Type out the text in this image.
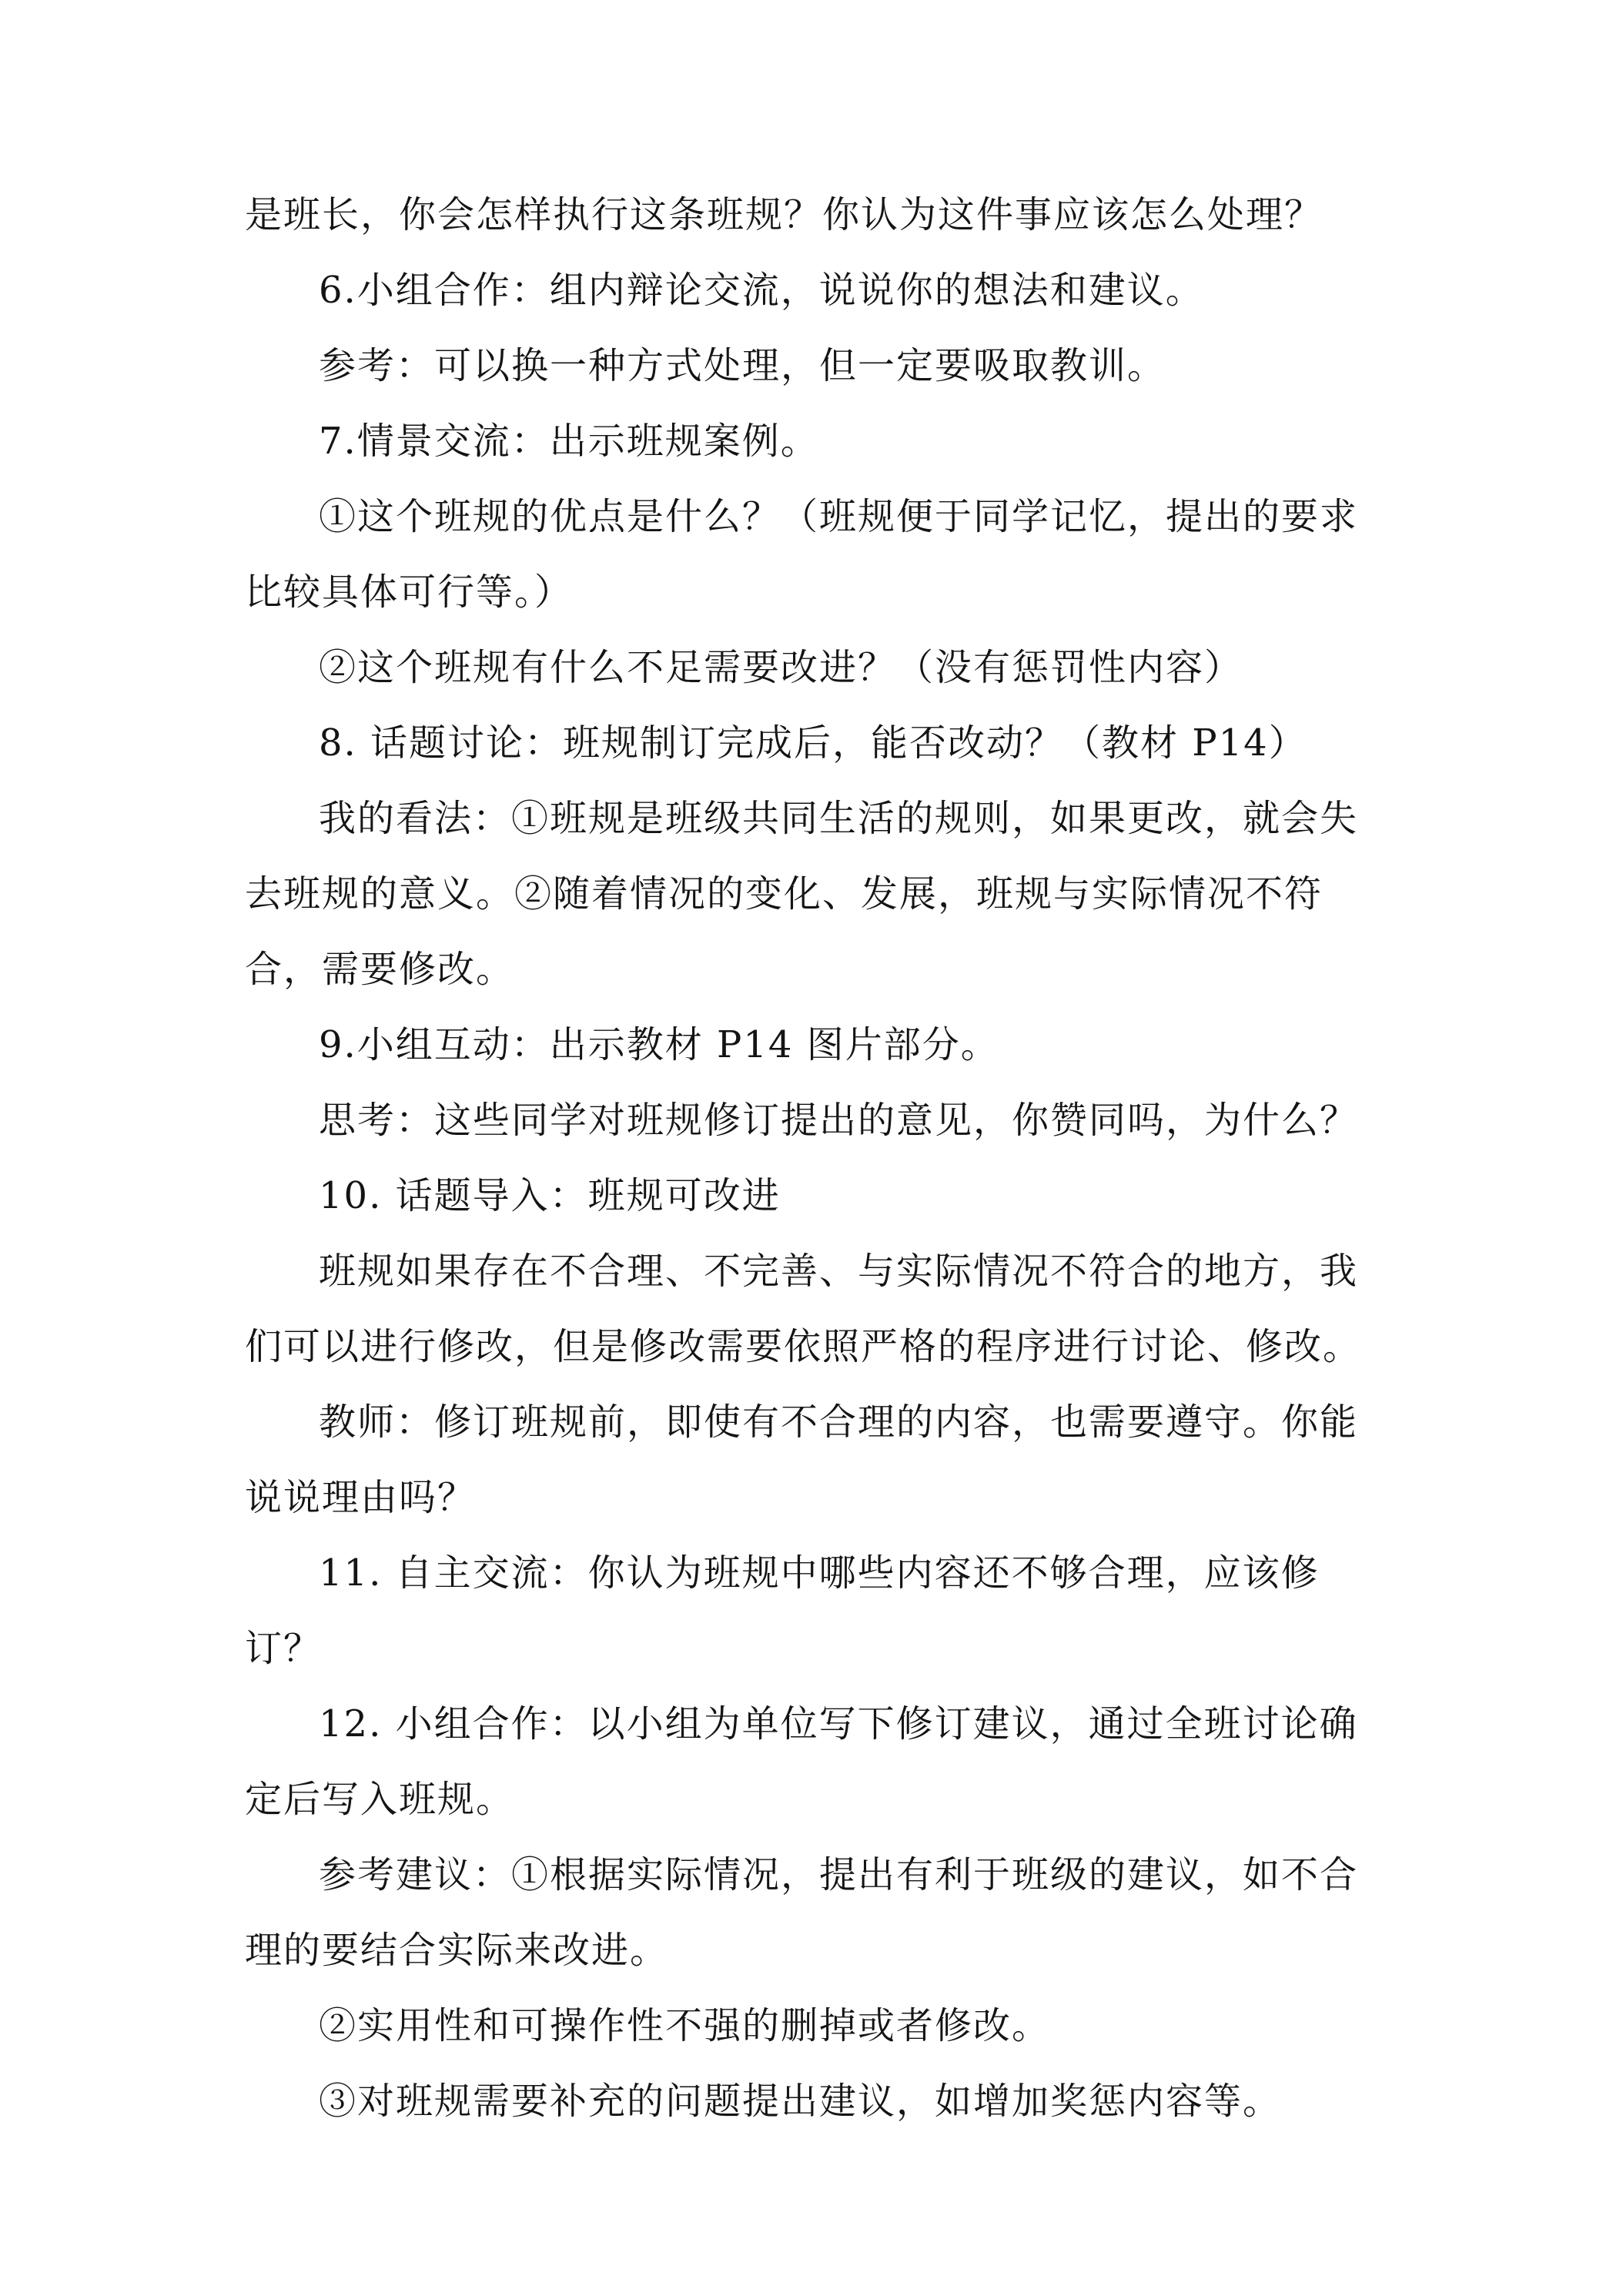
是班长，你会怎样执行这条班规？你认为这件事应该怎么处理？

6.小组合作：组内辩论交流，说说你的想法和建议。

参考：可以换一种方式处理，但一定要吸取教训。

7.情景交流：出示班规案例。

①这个班规的优点是什么？（班规便于同学记忆，提出的要求比较具体可行等。）

②这个班规有什么不足需要改进？（没有惩罚性内容）

8. 话题讨论：班规制订完成后，能否改动？（教材 P14）

我的看法：①班规是班级共同生活的规则，如果更改，就会失去班规的意义。②随着情况的变化、发展，班规与实际情况不符合，需要修改。

9.小组互动：出示教材 P14 图片部分。

思考：这些同学对班规修订提出的意见，你赞同吗，为什么？

10. 话题导入：班规可改进

班规如果存在不合理、不完善、与实际情况不符合的地方，我们可以进行修改，但是修改需要依照严格的程序进行讨论、修改。

教师：修订班规前，即使有不合理的内容，也需要遵守。你能说说理由吗？

11. 自主交流：你认为班规中哪些内容还不够合理，应该修订？

12. 小组合作：以小组为单位写下修订建议，通过全班讨论确定后写入班规。

参考建议：①根据实际情况，提出有利于班级的建议，如不合理的要结合实际来改进。

②实用性和可操作性不强的删掉或者修改。

③对班规需要补充的问题提出建议，如增加奖惩内容等。
